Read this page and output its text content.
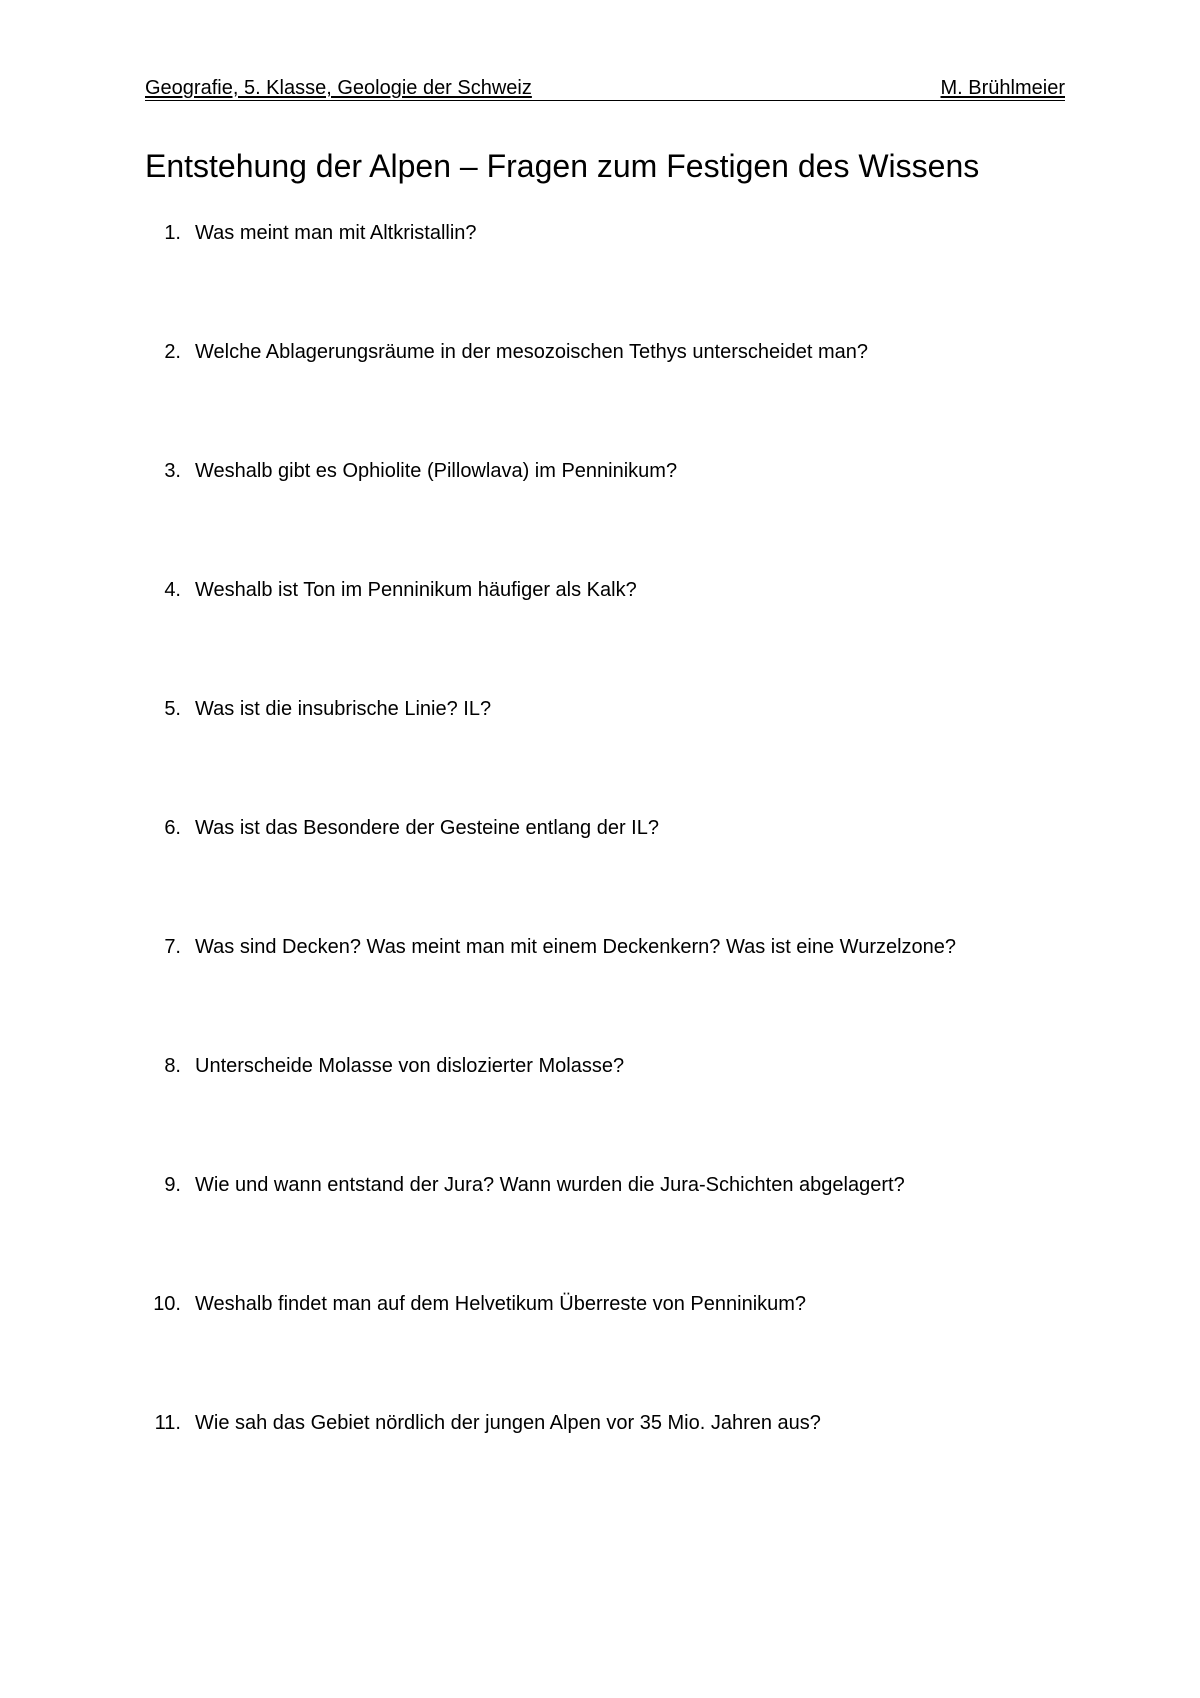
Geografie, 5. Klasse, Geologie der Schweiz	M. Brühlmeier
Entstehung der Alpen – Fragen zum Festigen des Wissens
1. Was meint man mit Altkristallin?
2. Welche Ablagerungsräume in der mesozoischen Tethys unterscheidet man?
3. Weshalb gibt es Ophiolite (Pillowlava) im Penninikum?
4. Weshalb ist Ton im Penninikum häufiger als Kalk?
5. Was ist die insubrische Linie? IL?
6. Was ist das Besondere der Gesteine entlang der IL?
7. Was sind Decken? Was meint man mit einem Deckenkern? Was ist eine Wurzelzone?
8. Unterscheide Molasse von dislozierter Molasse?
9. Wie und wann entstand der Jura? Wann wurden die Jura-Schichten abgelagert?
10. Weshalb findet man auf dem Helvetikum Überreste von Penninikum?
11. Wie sah das Gebiet nördlich der jungen Alpen vor 35 Mio. Jahren aus?
